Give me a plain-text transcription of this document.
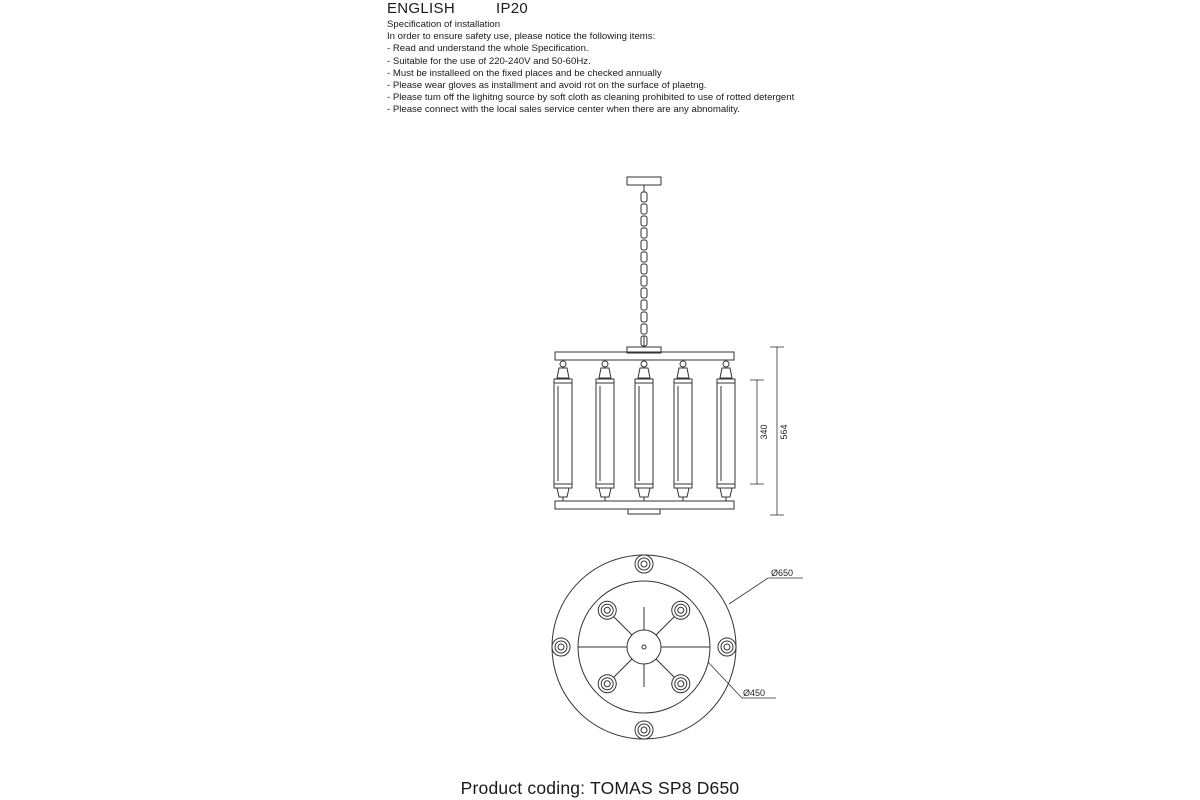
ENGLISH	IP20
Specification of installation
In order to ensure safety use, please notice the following items:
- Read and understand the whole Specification.
- Suitable for the use of 220-240V and 50-60Hz.
- Must be installeed on the fixed places and be checked annually
- Please wear gloves as installment and avoid rot on the surface of plaetng.
- Please tum off the lighitng source by soft cloth as cleaning prohibited to use of rotted detergent
- Please connect with the local sales service center when there are any abnomality.
340 564
Ø650
Ø450
Product coding: TOMAS SP8 D650
